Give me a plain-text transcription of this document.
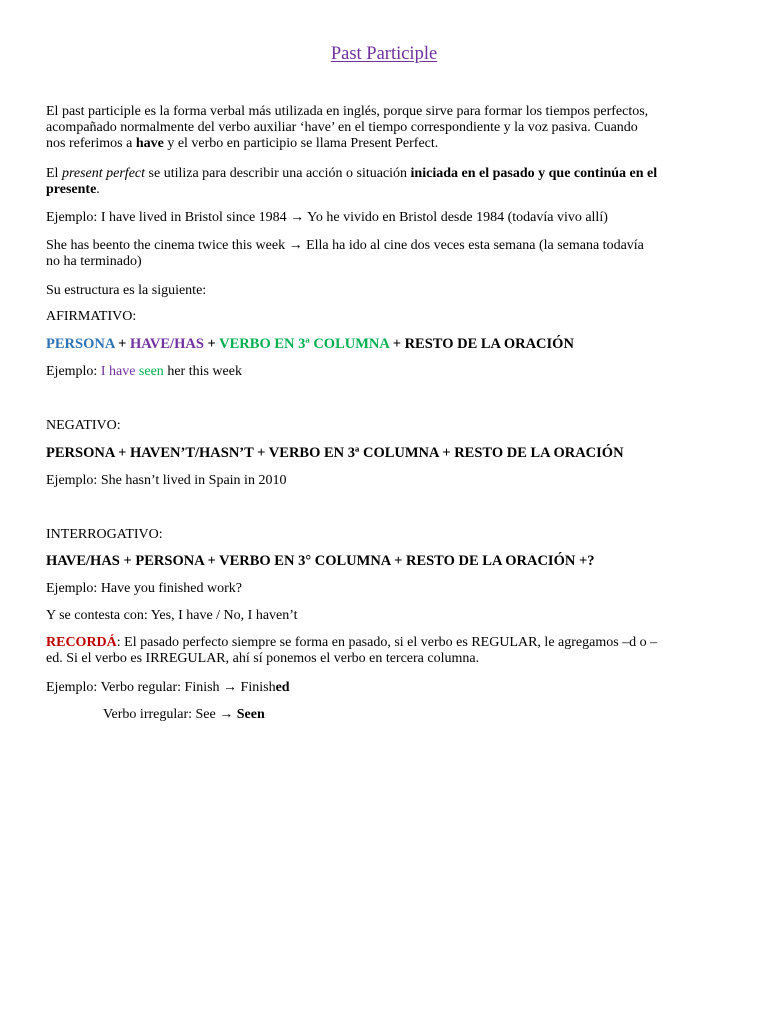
Past Participle
El past participle es la forma verbal más utilizada en inglés, porque sirve para formar los tiempos perfectos,
acompañado normalmente del verbo auxiliar ‘have’ en el tiempo correspondiente y la voz pasiva. Cuando
nos referimos a have y el verbo en participio se llama Present Perfect.
El present perfect se utiliza para describir una acción o situación iniciada en el pasado y que continúa en el
presente.
Ejemplo: I have lived in Bristol since 1984 → Yo he vivido en Bristol desde 1984 (todavía vivo allí)
She has beento the cinema twice this week → Ella ha ido al cine dos veces esta semana (la semana todavía
no ha terminado)
Su estructura es la siguiente:
AFIRMATIVO:
PERSONA + HAVE/HAS + VERBO EN 3ª COLUMNA + RESTO DE LA ORACIÓN
Ejemplo: I have seen her this week
NEGATIVO:
PERSONA + HAVEN’T/HASN’T + VERBO EN 3ª COLUMNA + RESTO DE LA ORACIÓN
Ejemplo: She hasn’t lived in Spain in 2010
INTERROGATIVO:
HAVE/HAS + PERSONA + VERBO EN 3° COLUMNA + RESTO DE LA ORACIÓN +?
Ejemplo: Have you finished work?
Y se contesta con: Yes, I have / No, I haven’t
RECORDÁ: El pasado perfecto siempre se forma en pasado, si el verbo es REGULAR, le agregamos –d o –
ed. Si el verbo es IRREGULAR, ahí sí ponemos el verbo en tercera columna.
Ejemplo: Verbo regular: Finish → Finished
Verbo irregular: See → Seen
